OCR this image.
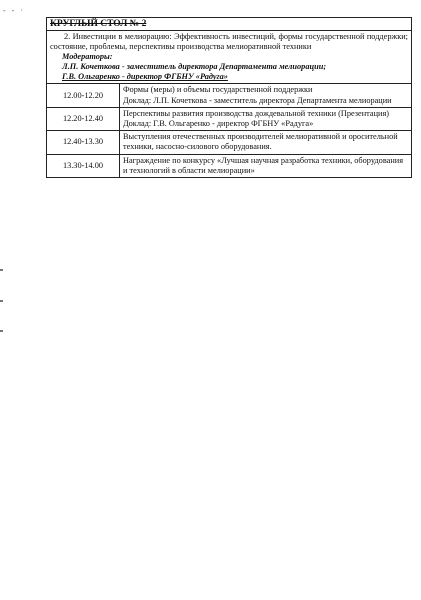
- - ·
КРУГЛЫЙ СТОЛ № 2
2. Инвестиции в мелиорацию: Эффективность инвестиций, формы государственной поддержки; состояние, проблемы, перспективы производства мелиоративной техники
Модераторы:
Л.П. Кочеткова - заместитель директора Департамента мелиорации;
Г.В. Ольгаренко - директор ФГБНУ «Радуга»
12.00-12.20	Формы (меры) и объемы государственной поддержки
Доклад: Л.П. Кочеткова - заместитель директора Департамента мелиорации

12.20-12.40	Перспективы развития производства дождевальной техники (Презентация)
Доклад: Г.В. Ольгаренко - директор ФГБНУ «Радуга»

12.40-13.30	Выступления отечественных производителей мелиоративной и оросительной техники, насосно-силового оборудования.

13.30-14.00	Награждение по конкурсу «Лучшая научная разработка техники, оборудования и технологий в области мелиорации»
